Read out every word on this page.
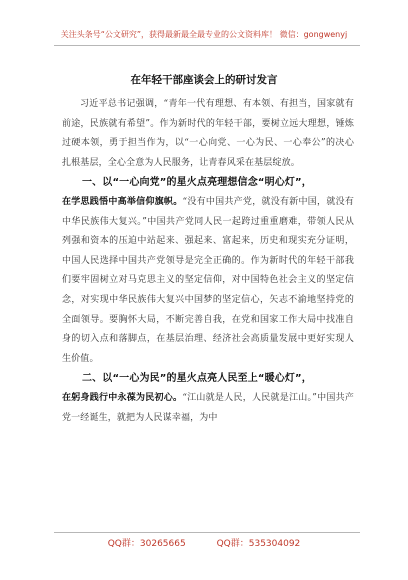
关注头条号“公文研究”，获得最新最全最专业的公文资料库！ 微信：gongwenyj
在年轻干部座谈会上的研讨发言

习近平总书记强调，“青年一代有理想、有本领、有担当，国家就有前途，民族就有希望”。作为新时代的年轻干部，要树立远大理想，锤炼过硬本领，勇于担当作为，以“一心向党、一心为民、一心奉公”的决心扎根基层，全心全意为人民服务，让青春风采在基层绽放。

一、以“一心向党”的星火点亮理想信念“明心灯”，

在学思践悟中高举信仰旗帜。“没有中国共产党，就没有新中国，就没有中华民族伟大复兴。”中国共产党同人民一起跨过重重磨难，带领人民从列强和资本的压迫中站起来、强起来、富起来，历史和现实充分证明，中国人民选择中国共产党领导是完全正确的。作为新时代的年轻干部我们要牢固树立对马克思主义的坚定信仰，对中国特色社会主义的坚定信念，对实现中华民族伟大复兴中国梦的坚定信心，矢志不渝地坚持党的全面领导。要胸怀大局，不断完善自我，在党和国家工作大局中找准自身的切入点和落脚点，在基层治理、经济社会高质量发展中更好实现人生价值。

二、以“一心为民”的星火点亮人民至上“暖心灯”，

在躬身践行中永葆为民初心。“江山就是人民，人民就是江山。”中国共产党一经诞生，就把为人民谋幸福，为中

QQ群：30265665	QQ群：535304092
